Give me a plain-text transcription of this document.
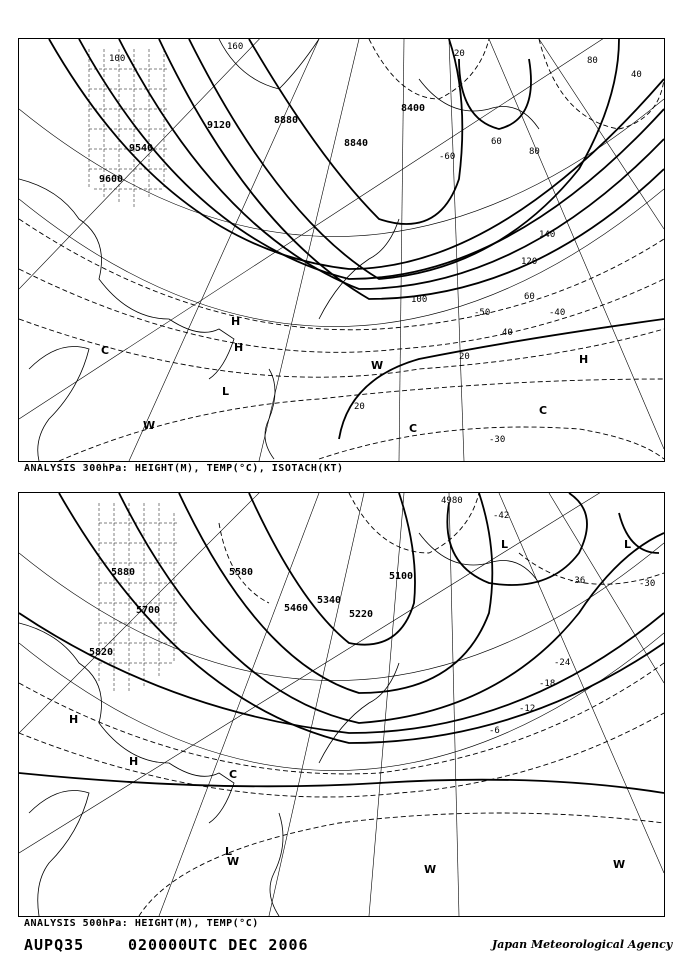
9600
9540
9120	8880
8840
8400
160
100
20
40
60
80
100
120
140
60
80
40
20
20
-30
-40
-50
-60
H
H
L
C
C
C
W
W
H
ANALYSIS 300hPa: HEIGHT(M), TEMP(°C), ISOTACH(KT)
5880
5820
5700
5580
5460
5340
5220
5100
4980
-42
-36	-30
-24
-18
-12
-6
L	L
H
H
W	W
W
C
L
ANALYSIS 500hPa: HEIGHT(M), TEMP(°C)
AUPQ35	020000UTC DEC 2006	Japan Meteorological Agency
